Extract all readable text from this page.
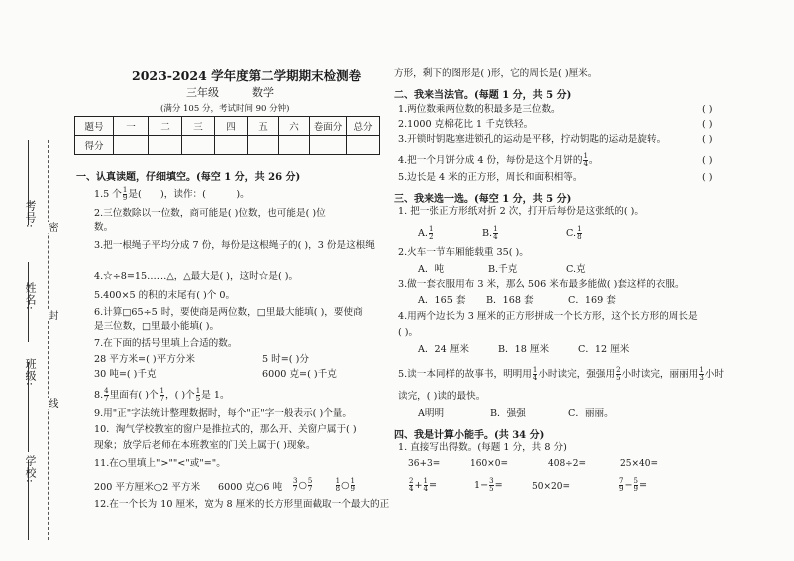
考号:
姓名:
班级:
学校:
密
封
线
2023-2024 学年度第二学期期末检测卷
三年级	数学
(满分 105 分，考试时间 90 分钟)
题号	一	二	三	四	五	六	卷面分	总分
得分								
一、认真读题，仔细填空。(每空 1 分，共 26 分)
1.5 个 $\frac{1}{9}$ 是( )，读作：(	)。
2.三位数除以一位数，商可能是( )位数，也可能是( )位
数。
3.把一根绳子平均分成 7 份，每份是这根绳子的( )，3 份是这根绳
4.☆÷8=15……△，△最大是( )，这时☆是( )。
5.400×5 的积的末尾有( )个 0。
6.计算□65÷5 时，要使商是两位数，□里最大能填( )，要使商
是三位数，□里最小能填( )。
7.在下面的括号里填上合适的数。
28 平方米=( )平方分米	5 时=( )分
30 吨=( )千克	6000 克=( )千克
8. $\frac{4}{7}$ 里面有( )个 $\frac{1}{7}$ ，( )个 $\frac{1}{5}$ 是 1。
9.用"正"字法统计整理数据时，每个"正"字一般表示( )个量。
10．淘气学校教室的窗户是推拉式的，那么开、关窗户属于( )
现象；放学后老师在本班教室的门关上属于( )现象。
11.在○里填上">""<"或"="。
200 平方厘米○2 平方米 6000 克○6 吨 $\frac{3}{7}$ ○ $\frac{5}{7}$
	$\frac{1}{8}$ ○ $\frac{1}{9}$
12.在一个长为 10 厘米，宽为 8 厘米的长方形里面截取一个最大的正
方形，剩下的图形是( )形，它的周长是( )厘米。
二、我来当法官。(每题 1 分，共 5 分)
1.两位数乘两位数的积最多是三位数。	( )
2.1000 克棉花比 1 千克铁轻。	( )
3.开锁时钥匙塞进锁孔的运动是平移，拧动钥匙的运动是旋转。	( )
4.把一个月饼分成 4 份，每份是这个月饼的 $\frac{1}{4}$ 。	( )
5.边长是 4 米的正方形，周长和面积相等。	( )
三、我来选一选。(每空 1 分，共 5 分)
1. 把一张正方形纸对折 2 次，打开后每份是这张纸的( )。
A. $\frac{1}{2}$	B. $\frac{1}{4}$	C. $\frac{1}{8}$
2.火车一节车厢能载重 35( )。
A．吨	B.千克	C.克
3.做一套衣服用布 3 米，那么 506 米布最多能做( )套这样的衣服。
A．165 套 B．168 套	C．169 套
4.用两个边长为 3 厘米的正方形拼成一个长方形，这个长方形的周长是
( )。
A．24 厘米	B．18 厘米	C．12 厘米
5.读一本同样的故事书，明明用 $\frac{1}{4}$ 小时读完，强强用 $\frac{2}{5}$ 小时读完，丽丽用 $\frac{1}{3}$ 小时
读完，( )读的最快。
A明明	B．强强	C．丽丽。
四、我是计算小能手。(共 34 分)
1. 直接写出得数。(每题 1 分，共 8 分)
36+3=	160×0=	408÷2=	25×40=
$\frac{2}{4} + \frac{1}{4}$ =	$1- \frac{3}{5}$ =	50×20=	$\frac{7}{9} - \frac{5}{9}$ =
